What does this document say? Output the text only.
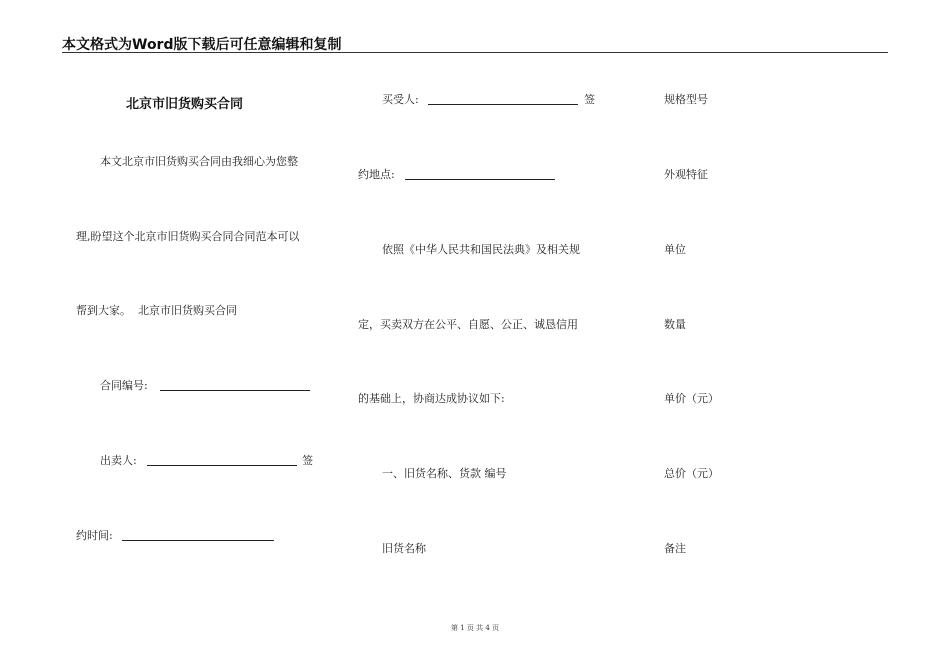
本文格式为Word版下载后可任意编辑和复制
北京市旧货购买合同
本文北京市旧货购买合同由我细心为您整
理,盼望这个北京市旧货购买合同合同范本可以
帮到大家。  北京市旧货购买合同
合同编号:
出卖人:	签
约时间:
买受人:	签
约地点:
依照《中华人民共和国民法典》及相关规
定，买卖双方在公平、自愿、公正、诚恳信用
的基础上，协商达成协议如下:
一、旧货名称、货款 编号
旧货名称
规格型号
外观特征
单位
数量
单价（元）
总价（元）
备注
第 1 页 共 4 页
